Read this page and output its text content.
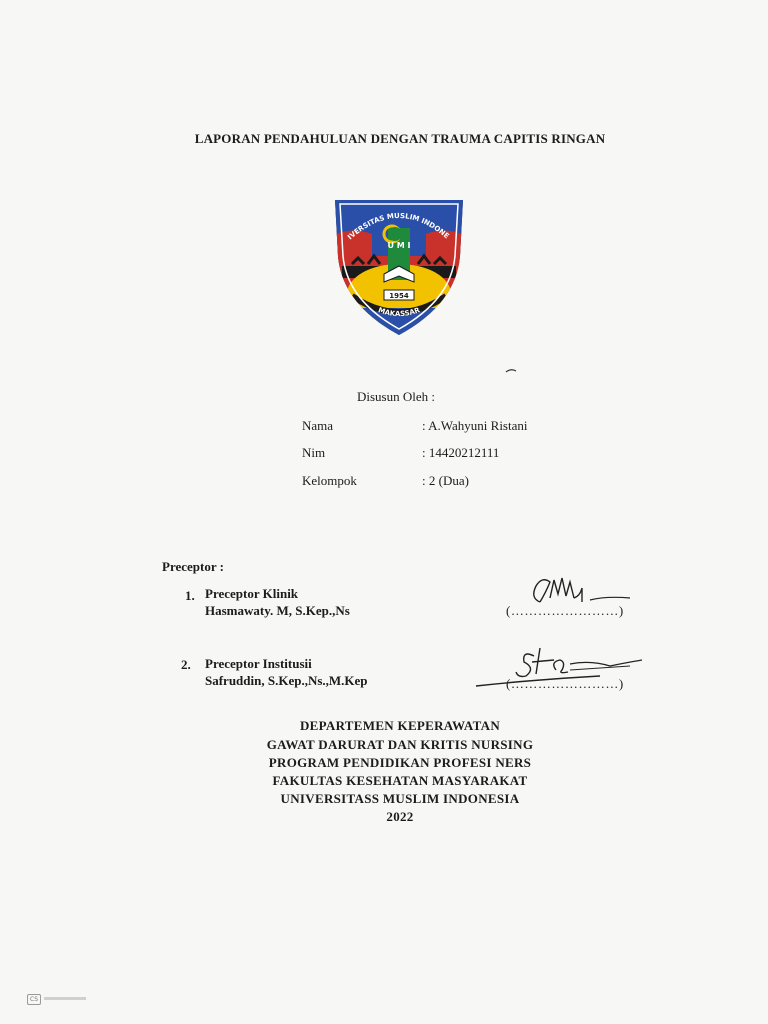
LAPORAN PENDAHULUAN DENGAN TRAUMA CAPITIS RINGAN
IVERSITAS MUSLIM INDONE
U M I
1954
MAKASSAR
Disusun Oleh :
Nama	: A.Wahyuni Ristani
Nim	: 14420212111
Kelompok	: 2 (Dua)
Preceptor :
1. Preceptor Klinik
Hasmawaty. M, S.Kep.,Ns	(……………………)
2. Preceptor Institusii
Safruddin, S.Kep.,Ns.,M.Kep	(……………………)
DEPARTEMEN KEPERAWATAN
GAWAT DARURAT DAN KRITIS NURSING
PROGRAM PENDIDIKAN PROFESI NERS
FAKULTAS KESEHATAN MASYARAKAT
UNIVERSITASS MUSLIM INDONESIA
2022
CS
